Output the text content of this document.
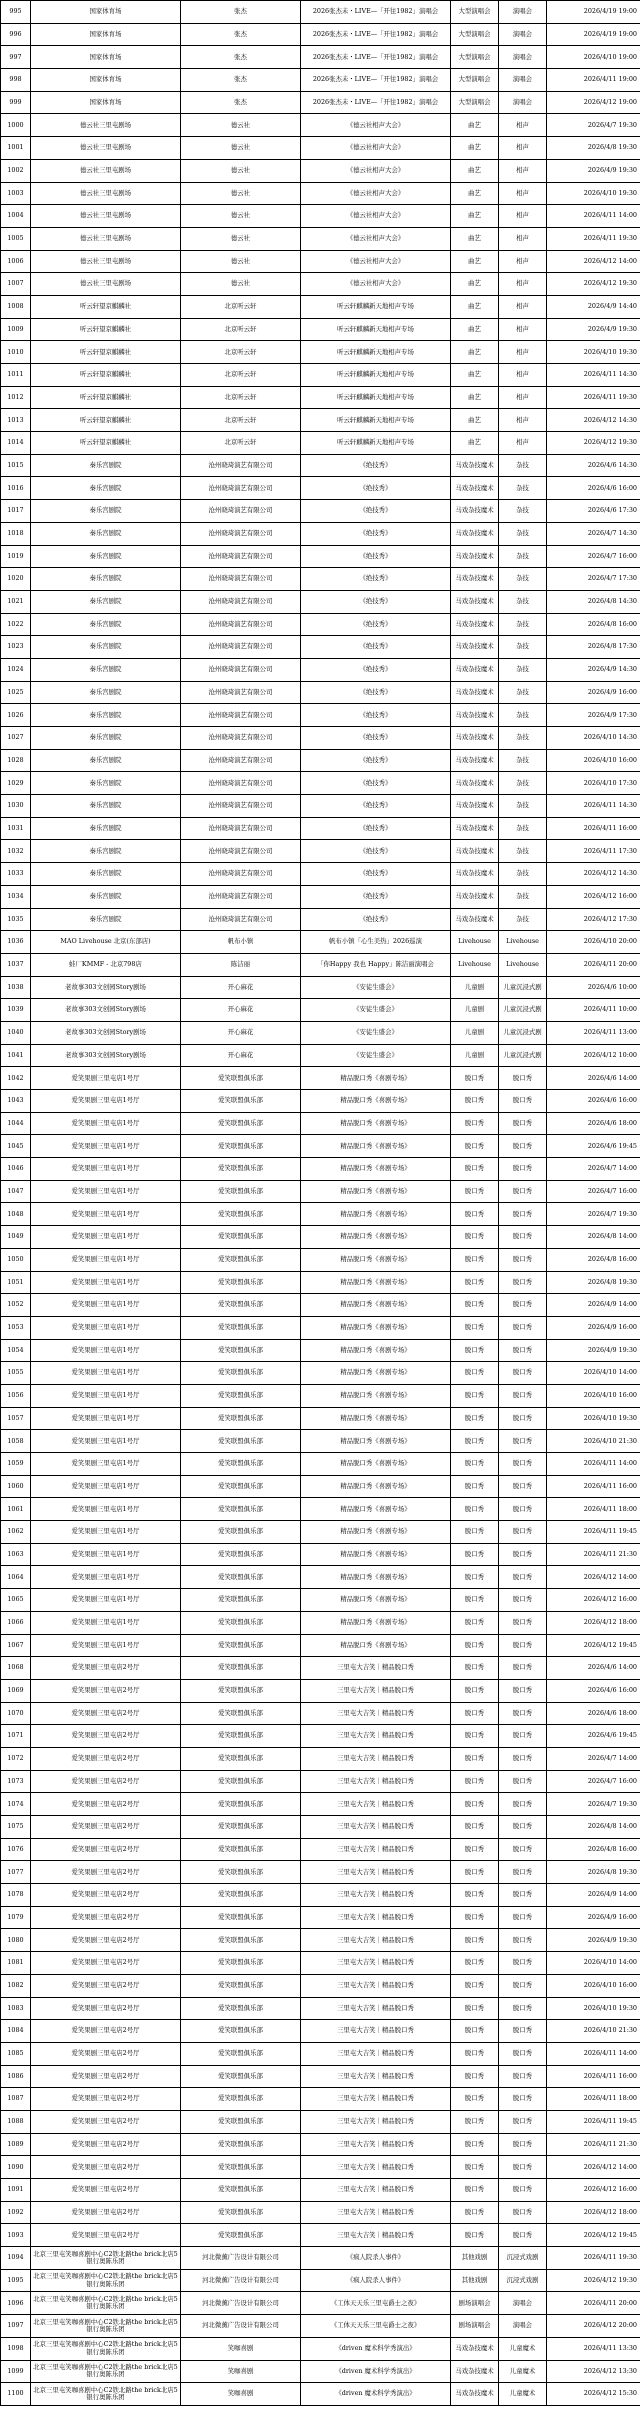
995	国家体育场	张杰	2026张杰未・LIVE—「开往1982」演唱会	大型演唱会	演唱会	2026/4/19 19:00
996	国家体育场	张杰	2026张杰未・LIVE—「开往1982」演唱会	大型演唱会	演唱会	2026/4/19 19:00
997	国家体育场	张杰	2026张杰未・LIVE—「开往1982」演唱会	大型演唱会	演唱会	2026/4/10 19:00
998	国家体育场	张杰	2026张杰未・LIVE—「开往1982」演唱会	大型演唱会	演唱会	2026/4/11 19:00
999	国家体育场	张杰	2026张杰未・LIVE—「开往1982」演唱会	大型演唱会	演唱会	2026/4/12 19:00
1000	德云社三里屯剧场	德云社	《德云社相声大会》	曲艺	相声	2026/4/7 19:30
1001	德云社三里屯剧场	德云社	《德云社相声大会》	曲艺	相声	2026/4/8 19:30
1002	德云社三里屯剧场	德云社	《德云社相声大会》	曲艺	相声	2026/4/9 19:30
1003	德云社三里屯剧场	德云社	《德云社相声大会》	曲艺	相声	2026/4/10 19:30
1004	德云社三里屯剧场	德云社	《德云社相声大会》	曲艺	相声	2026/4/11 14:00
1005	德云社三里屯剧场	德云社	《德云社相声大会》	曲艺	相声	2026/4/11 19:30
1006	德云社三里屯剧场	德云社	《德云社相声大会》	曲艺	相声	2026/4/12 14:00
1007	德云社三里屯剧场	德云社	《德云社相声大会》	曲艺	相声	2026/4/12 19:30
1008	听云轩望京麒麟社	北京听云轩	听云轩麒麟新天地相声专场	曲艺	相声	2026/4/9 14:40
1009	听云轩望京麒麟社	北京听云轩	听云轩麒麟新天地相声专场	曲艺	相声	2026/4/9 19:30
1010	听云轩望京麒麟社	北京听云轩	听云轩麒麟新天地相声专场	曲艺	相声	2026/4/10 19:30
1011	听云轩望京麒麟社	北京听云轩	听云轩麒麟新天地相声专场	曲艺	相声	2026/4/11 14:30
1012	听云轩望京麒麟社	北京听云轩	听云轩麒麟新天地相声专场	曲艺	相声	2026/4/11 19:30
1013	听云轩望京麒麟社	北京听云轩	听云轩麒麟新天地相声专场	曲艺	相声	2026/4/12 14:30
1014	听云轩望京麒麟社	北京听云轩	听云轩麒麟新天地相声专场	曲艺	相声	2026/4/12 19:30
1015	秦乐宫剧院	沧州晓琦演艺有限公司	《绝技秀》	马戏杂技魔术	杂技	2026/4/6 14:30
1016	秦乐宫剧院	沧州晓琦演艺有限公司	《绝技秀》	马戏杂技魔术	杂技	2026/4/6 16:00
1017	秦乐宫剧院	沧州晓琦演艺有限公司	《绝技秀》	马戏杂技魔术	杂技	2026/4/6 17:30
1018	秦乐宫剧院	沧州晓琦演艺有限公司	《绝技秀》	马戏杂技魔术	杂技	2026/4/7 14:30
1019	秦乐宫剧院	沧州晓琦演艺有限公司	《绝技秀》	马戏杂技魔术	杂技	2026/4/7 16:00
1020	秦乐宫剧院	沧州晓琦演艺有限公司	《绝技秀》	马戏杂技魔术	杂技	2026/4/7 17:30
1021	秦乐宫剧院	沧州晓琦演艺有限公司	《绝技秀》	马戏杂技魔术	杂技	2026/4/8 14:30
1022	秦乐宫剧院	沧州晓琦演艺有限公司	《绝技秀》	马戏杂技魔术	杂技	2026/4/8 16:00
1023	秦乐宫剧院	沧州晓琦演艺有限公司	《绝技秀》	马戏杂技魔术	杂技	2026/4/8 17:30
1024	秦乐宫剧院	沧州晓琦演艺有限公司	《绝技秀》	马戏杂技魔术	杂技	2026/4/9 14:30
1025	秦乐宫剧院	沧州晓琦演艺有限公司	《绝技秀》	马戏杂技魔术	杂技	2026/4/9 16:00
1026	秦乐宫剧院	沧州晓琦演艺有限公司	《绝技秀》	马戏杂技魔术	杂技	2026/4/9 17:30
1027	秦乐宫剧院	沧州晓琦演艺有限公司	《绝技秀》	马戏杂技魔术	杂技	2026/4/10 14:30
1028	秦乐宫剧院	沧州晓琦演艺有限公司	《绝技秀》	马戏杂技魔术	杂技	2026/4/10 16:00
1029	秦乐宫剧院	沧州晓琦演艺有限公司	《绝技秀》	马戏杂技魔术	杂技	2026/4/10 17:30
1030	秦乐宫剧院	沧州晓琦演艺有限公司	《绝技秀》	马戏杂技魔术	杂技	2026/4/11 14:30
1031	秦乐宫剧院	沧州晓琦演艺有限公司	《绝技秀》	马戏杂技魔术	杂技	2026/4/11 16:00
1032	秦乐宫剧院	沧州晓琦演艺有限公司	《绝技秀》	马戏杂技魔术	杂技	2026/4/11 17:30
1033	秦乐宫剧院	沧州晓琦演艺有限公司	《绝技秀》	马戏杂技魔术	杂技	2026/4/12 14:30
1034	秦乐宫剧院	沧州晓琦演艺有限公司	《绝技秀》	马戏杂技魔术	杂技	2026/4/12 16:00
1035	秦乐宫剧院	沧州晓琦演艺有限公司	《绝技秀》	马戏杂技魔术	杂技	2026/4/12 17:30
1036	MAO Livehouse 北京(东部店)	帆布小镇	帆布小镇「心生美热」2026巡演	Livehouse	Livehouse	2026/4/10 20:00
1037	蛙厂KMMF - 北京798店	陈洁丽	「你Happy 我也 Happy」陈洁丽演唱会	Livehouse	Livehouse	2026/4/11 20:00
1038	老故事303文创园Story剧场	开心麻花	《安徒生盛会》	儿童剧	儿童沉浸式剧	2026/4/6 10:00
1039	老故事303文创园Story剧场	开心麻花	《安徒生盛会》	儿童剧	儿童沉浸式剧	2026/4/11 10:00
1040	老故事303文创园Story剧场	开心麻花	《安徒生盛会》	儿童剧	儿童沉浸式剧	2026/4/11 13:00
1041	老故事303文创园Story剧场	开心麻花	《安徒生盛会》	儿童剧	儿童沉浸式剧	2026/4/12 10:00
1042	爱笑果剧三里屯店1号厅	爱笑联盟俱乐部	精品脱口秀《喜剧专场》	脱口秀	脱口秀	2026/4/6 14:00
1043	爱笑果剧三里屯店1号厅	爱笑联盟俱乐部	精品脱口秀《喜剧专场》	脱口秀	脱口秀	2026/4/6 16:00
1044	爱笑果剧三里屯店1号厅	爱笑联盟俱乐部	精品脱口秀《喜剧专场》	脱口秀	脱口秀	2026/4/6 18:00
1045	爱笑果剧三里屯店1号厅	爱笑联盟俱乐部	精品脱口秀《喜剧专场》	脱口秀	脱口秀	2026/4/6 19:45
1046	爱笑果剧三里屯店1号厅	爱笑联盟俱乐部	精品脱口秀《喜剧专场》	脱口秀	脱口秀	2026/4/7 14:00
1047	爱笑果剧三里屯店1号厅	爱笑联盟俱乐部	精品脱口秀《喜剧专场》	脱口秀	脱口秀	2026/4/7 16:00
1048	爱笑果剧三里屯店1号厅	爱笑联盟俱乐部	精品脱口秀《喜剧专场》	脱口秀	脱口秀	2026/4/7 19:30
1049	爱笑果剧三里屯店1号厅	爱笑联盟俱乐部	精品脱口秀《喜剧专场》	脱口秀	脱口秀	2026/4/8 14:00
1050	爱笑果剧三里屯店1号厅	爱笑联盟俱乐部	精品脱口秀《喜剧专场》	脱口秀	脱口秀	2026/4/8 16:00
1051	爱笑果剧三里屯店1号厅	爱笑联盟俱乐部	精品脱口秀《喜剧专场》	脱口秀	脱口秀	2026/4/8 19:30
1052	爱笑果剧三里屯店1号厅	爱笑联盟俱乐部	精品脱口秀《喜剧专场》	脱口秀	脱口秀	2026/4/9 14:00
1053	爱笑果剧三里屯店1号厅	爱笑联盟俱乐部	精品脱口秀《喜剧专场》	脱口秀	脱口秀	2026/4/9 16:00
1054	爱笑果剧三里屯店1号厅	爱笑联盟俱乐部	精品脱口秀《喜剧专场》	脱口秀	脱口秀	2026/4/9 19:30
1055	爱笑果剧三里屯店1号厅	爱笑联盟俱乐部	精品脱口秀《喜剧专场》	脱口秀	脱口秀	2026/4/10 14:00
1056	爱笑果剧三里屯店1号厅	爱笑联盟俱乐部	精品脱口秀《喜剧专场》	脱口秀	脱口秀	2026/4/10 16:00
1057	爱笑果剧三里屯店1号厅	爱笑联盟俱乐部	精品脱口秀《喜剧专场》	脱口秀	脱口秀	2026/4/10 19:30
1058	爱笑果剧三里屯店1号厅	爱笑联盟俱乐部	精品脱口秀《喜剧专场》	脱口秀	脱口秀	2026/4/10 21:30
1059	爱笑果剧三里屯店1号厅	爱笑联盟俱乐部	精品脱口秀《喜剧专场》	脱口秀	脱口秀	2026/4/11 14:00
1060	爱笑果剧三里屯店1号厅	爱笑联盟俱乐部	精品脱口秀《喜剧专场》	脱口秀	脱口秀	2026/4/11 16:00
1061	爱笑果剧三里屯店1号厅	爱笑联盟俱乐部	精品脱口秀《喜剧专场》	脱口秀	脱口秀	2026/4/11 18:00
1062	爱笑果剧三里屯店1号厅	爱笑联盟俱乐部	精品脱口秀《喜剧专场》	脱口秀	脱口秀	2026/4/11 19:45
1063	爱笑果剧三里屯店1号厅	爱笑联盟俱乐部	精品脱口秀《喜剧专场》	脱口秀	脱口秀	2026/4/11 21:30
1064	爱笑果剧三里屯店1号厅	爱笑联盟俱乐部	精品脱口秀《喜剧专场》	脱口秀	脱口秀	2026/4/12 14:00
1065	爱笑果剧三里屯店1号厅	爱笑联盟俱乐部	精品脱口秀《喜剧专场》	脱口秀	脱口秀	2026/4/12 16:00
1066	爱笑果剧三里屯店1号厅	爱笑联盟俱乐部	精品脱口秀《喜剧专场》	脱口秀	脱口秀	2026/4/12 18:00
1067	爱笑果剧三里屯店1号厅	爱笑联盟俱乐部	精品脱口秀《喜剧专场》	脱口秀	脱口秀	2026/4/12 19:45
1068	爱笑果剧三里屯店2号厅	爱笑联盟俱乐部	三里屯大吉笑｜精品脱口秀	脱口秀	脱口秀	2026/4/6 14:00
1069	爱笑果剧三里屯店2号厅	爱笑联盟俱乐部	三里屯大吉笑｜精品脱口秀	脱口秀	脱口秀	2026/4/6 16:00
1070	爱笑果剧三里屯店2号厅	爱笑联盟俱乐部	三里屯大吉笑｜精品脱口秀	脱口秀	脱口秀	2026/4/6 18:00
1071	爱笑果剧三里屯店2号厅	爱笑联盟俱乐部	三里屯大吉笑｜精品脱口秀	脱口秀	脱口秀	2026/4/6 19:45
1072	爱笑果剧三里屯店2号厅	爱笑联盟俱乐部	三里屯大吉笑｜精品脱口秀	脱口秀	脱口秀	2026/4/7 14:00
1073	爱笑果剧三里屯店2号厅	爱笑联盟俱乐部	三里屯大吉笑｜精品脱口秀	脱口秀	脱口秀	2026/4/7 16:00
1074	爱笑果剧三里屯店2号厅	爱笑联盟俱乐部	三里屯大吉笑｜精品脱口秀	脱口秀	脱口秀	2026/4/7 19:30
1075	爱笑果剧三里屯店2号厅	爱笑联盟俱乐部	三里屯大吉笑｜精品脱口秀	脱口秀	脱口秀	2026/4/8 14:00
1076	爱笑果剧三里屯店2号厅	爱笑联盟俱乐部	三里屯大吉笑｜精品脱口秀	脱口秀	脱口秀	2026/4/8 16:00
1077	爱笑果剧三里屯店2号厅	爱笑联盟俱乐部	三里屯大吉笑｜精品脱口秀	脱口秀	脱口秀	2026/4/8 19:30
1078	爱笑果剧三里屯店2号厅	爱笑联盟俱乐部	三里屯大吉笑｜精品脱口秀	脱口秀	脱口秀	2026/4/9 14:00
1079	爱笑果剧三里屯店2号厅	爱笑联盟俱乐部	三里屯大吉笑｜精品脱口秀	脱口秀	脱口秀	2026/4/9 16:00
1080	爱笑果剧三里屯店2号厅	爱笑联盟俱乐部	三里屯大吉笑｜精品脱口秀	脱口秀	脱口秀	2026/4/9 19:30
1081	爱笑果剧三里屯店2号厅	爱笑联盟俱乐部	三里屯大吉笑｜精品脱口秀	脱口秀	脱口秀	2026/4/10 14:00
1082	爱笑果剧三里屯店2号厅	爱笑联盟俱乐部	三里屯大吉笑｜精品脱口秀	脱口秀	脱口秀	2026/4/10 16:00
1083	爱笑果剧三里屯店2号厅	爱笑联盟俱乐部	三里屯大吉笑｜精品脱口秀	脱口秀	脱口秀	2026/4/10 19:30
1084	爱笑果剧三里屯店2号厅	爱笑联盟俱乐部	三里屯大吉笑｜精品脱口秀	脱口秀	脱口秀	2026/4/10 21:30
1085	爱笑果剧三里屯店2号厅	爱笑联盟俱乐部	三里屯大吉笑｜精品脱口秀	脱口秀	脱口秀	2026/4/11 14:00
1086	爱笑果剧三里屯店2号厅	爱笑联盟俱乐部	三里屯大吉笑｜精品脱口秀	脱口秀	脱口秀	2026/4/11 16:00
1087	爱笑果剧三里屯店2号厅	爱笑联盟俱乐部	三里屯大吉笑｜精品脱口秀	脱口秀	脱口秀	2026/4/11 18:00
1088	爱笑果剧三里屯店2号厅	爱笑联盟俱乐部	三里屯大吉笑｜精品脱口秀	脱口秀	脱口秀	2026/4/11 19:45
1089	爱笑果剧三里屯店2号厅	爱笑联盟俱乐部	三里屯大吉笑｜精品脱口秀	脱口秀	脱口秀	2026/4/11 21:30
1090	爱笑果剧三里屯店2号厅	爱笑联盟俱乐部	三里屯大吉笑｜精品脱口秀	脱口秀	脱口秀	2026/4/12 14:00
1091	爱笑果剧三里屯店2号厅	爱笑联盟俱乐部	三里屯大吉笑｜精品脱口秀	脱口秀	脱口秀	2026/4/12 16:00
1092	爱笑果剧三里屯店2号厅	爱笑联盟俱乐部	三里屯大吉笑｜精品脱口秀	脱口秀	脱口秀	2026/4/12 18:00
1093	爱笑果剧三里屯店2号厅	爱笑联盟俱乐部	三里屯大吉笑｜精品脱口秀	脱口秀	脱口秀	2026/4/12 19:45
1094	北京三里屯笑咖喜剧中心C2铁北路the brick北店5银行奥陈乐团	河北微薰广告设计有限公司	《疯人院杀人事件》	其他戏剧	沉浸式戏剧	2026/4/11 19:30
1095	北京三里屯笑咖喜剧中心C2铁北路the brick北店5银行奥陈乐团	河北微薰广告设计有限公司	《疯人院杀人事件》	其他戏剧	沉浸式戏剧	2026/4/12 19:30
1096	北京三里屯笑咖喜剧中心C2铁北路the brick北店5银行奥陈乐团	河北微薰广告设计有限公司	《工体天天乐三里屯爵士之夜》	剧场演唱会	演唱会	2026/4/11 20:00
1097	北京三里屯笑咖喜剧中心C2铁北路the brick北店5银行奥陈乐团	河北微薰广告设计有限公司	《工体天天乐三里屯爵士之夜》	剧场演唱会	演唱会	2026/4/12 20:00
1098	北京三里屯笑咖喜剧中心C2铁北路the brick北店5银行奥陈乐团	笑咖喜剧	《driven 魔术科学秀演出》	马戏杂技魔术	儿童魔术	2026/4/11 13:30
1099	北京三里屯笑咖喜剧中心C2铁北路the brick北店5银行奥陈乐团	笑咖喜剧	《driven 魔术科学秀演出》	马戏杂技魔术	儿童魔术	2026/4/12 13:30
1100	北京三里屯笑咖喜剧中心C2铁北路the brick北店5银行奥陈乐团	笑咖喜剧	《driven 魔术科学秀演出》	马戏杂技魔术	儿童魔术	2026/4/12 15:30
